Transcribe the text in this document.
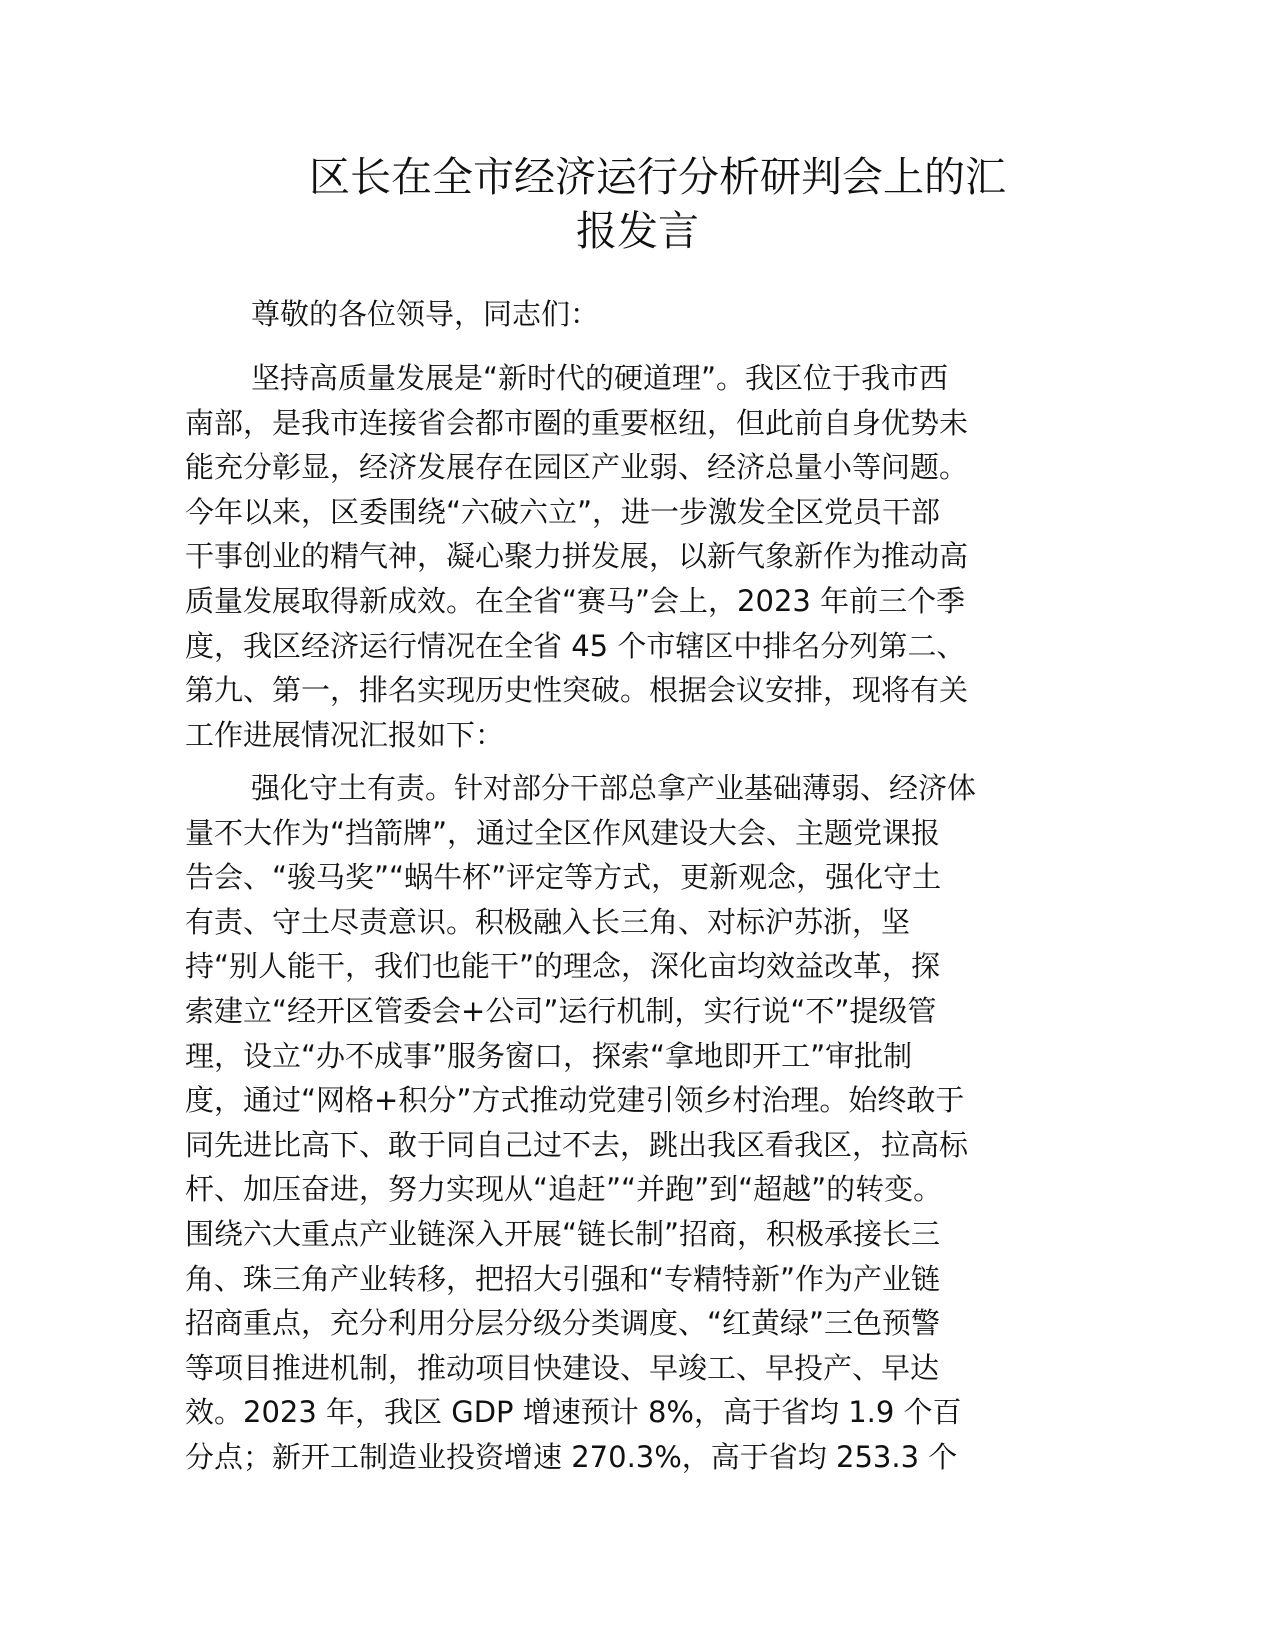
区长在全市经济运行分析研判会上的汇
报发言
尊敬的各位领导，同志们：
坚持高质量发展是“新时代的硬道理”。我区位于我市西
南部，是我市连接省会都市圈的重要枢纽，但此前自身优势未
能充分彰显，经济发展存在园区产业弱、经济总量小等问题。
今年以来，区委围绕“六破六立”，进一步激发全区党员干部
干事创业的精气神，凝心聚力拼发展，以新气象新作为推动高
质量发展取得新成效。在全省“赛马”会上，2023 年前三个季
度，我区经济运行情况在全省 45 个市辖区中排名分列第二、
第九、第一，排名实现历史性突破。根据会议安排，现将有关
工作进展情况汇报如下：
强化守土有责。针对部分干部总拿产业基础薄弱、经济体
量不大作为“挡箭牌”，通过全区作风建设大会、主题党课报
告会、“骏马奖”“蜗牛杯”评定等方式，更新观念，强化守土
有责、守土尽责意识。积极融入长三角、对标沪苏浙，坚
持“别人能干，我们也能干”的理念，深化亩均效益改革，探
索建立“经开区管委会+公司”运行机制，实行说“不”提级管
理，设立“办不成事”服务窗口，探索“拿地即开工”审批制
度，通过“网格+积分”方式推动党建引领乡村治理。始终敢于
同先进比高下、敢于同自己过不去，跳出我区看我区，拉高标
杆、加压奋进，努力实现从“追赶”“并跑”到“超越”的转变。
围绕六大重点产业链深入开展“链长制”招商，积极承接长三
角、珠三角产业转移，把招大引强和“专精特新”作为产业链
招商重点，充分利用分层分级分类调度、“红黄绿”三色预警
等项目推进机制，推动项目快建设、早竣工、早投产、早达
效。2023 年，我区 GDP 增速预计 8%，高于省均 1.9 个百
分点；新开工制造业投资增速 270.3%，高于省均 253.3 个
